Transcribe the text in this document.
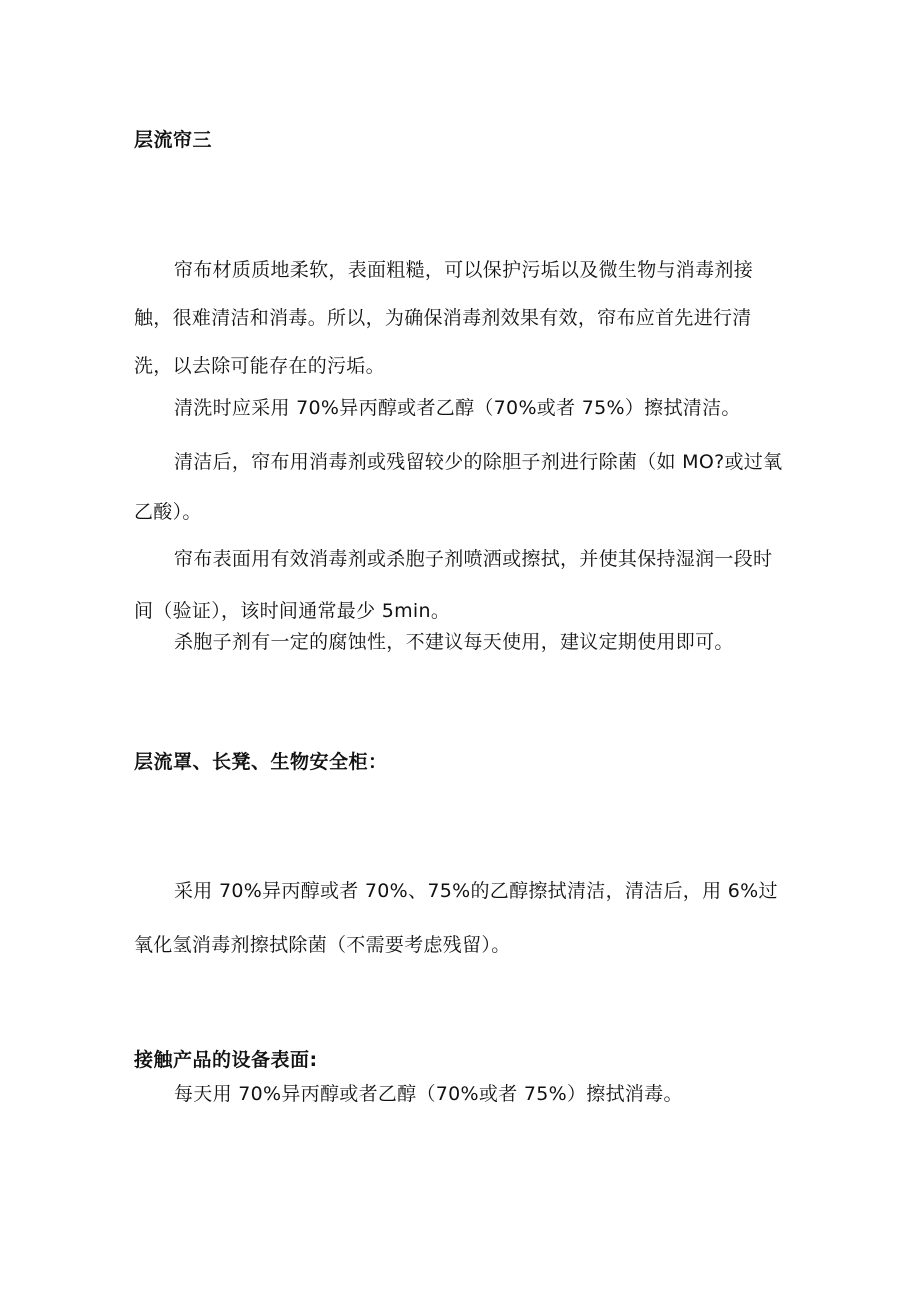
层流帘三
帘布材质质地柔软，表面粗糙，可以保护污垢以及微生物与消毒剂接触，很难清洁和消毒。所以，为确保消毒剂效果有效，帘布应首先进行清洗，以去除可能存在的污垢。
清洗时应采用 70%异丙醇或者乙醇（70%或者 75%）擦拭清洁。
清洁后，帘布用消毒剂或残留较少的除胆子剂进行除菌（如 MO?或过氧乙酸）。
帘布表面用有效消毒剂或杀胞子剂喷洒或擦拭，并使其保持湿润一段时间（验证），该时间通常最少 5min。
杀胞子剂有一定的腐蚀性，不建议每天使用，建议定期使用即可。
层流罩、长凳、生物安全柜：
采用 70%异丙醇或者 70%、75%的乙醇擦拭清洁，清洁后，用 6%过氧化氢消毒剂擦拭除菌（不需要考虑残留）。
接触产品的设备表面:
每天用 70%异丙醇或者乙醇（70%或者 75%）擦拭消毒。
